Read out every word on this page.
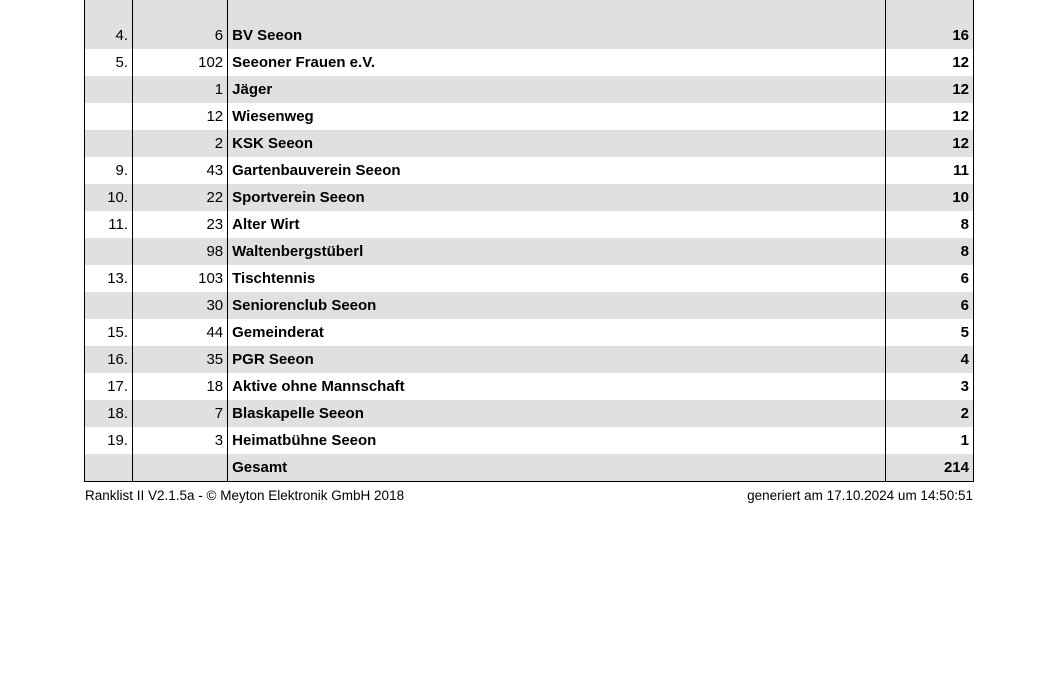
4.	6	BV Seeon	16
5.	102	Seeoner Frauen e.V.	12
	1	Jäger	12
	12	Wiesenweg	12
	2	KSK Seeon	12
9.	43	Gartenbauverein Seeon	11
10.	22	Sportverein Seeon	10
11.	23	Alter Wirt	8
	98	Waltenbergstüberl	8
13.	103	Tischtennis	6
	30	Seniorenclub Seeon	6
15.	44	Gemeinderat	5
16.	35	PGR Seeon	4
17.	18	Aktive ohne Mannschaft	3
18.	7	Blaskapelle Seeon	2
19.	3	Heimatbühne Seeon	1
		Gesamt	214
Ranklist II V2.1.5a - © Meyton Elektronik GmbH 2018	generiert am 17.10.2024 um 14:50:51
